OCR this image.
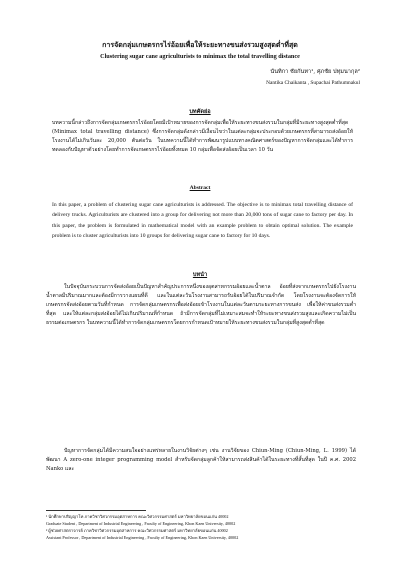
การจัดกลุ่มเกษตรกรไร่อ้อยเพื่อให้ระยะทางขนส่งรวมสูงสุดต่ำที่สุด
Clustering sugar cane agriculturists to minimax the total travelling distance
นันทิกา ชัยกันทา¹, ศุภชัย ปทุมนากุล²
Nantika Chaikanta , Supachai Pathumnakul
บทคัดย่อ
บทความนี้กล่าวถึงการจัดกลุ่มเกษตรกรไร่อ้อยโดยมีเป้าหมายของการจัดกลุ่มเพื่อให้ระยะทางขนส่งรวมในกลุ่มที่มีระยะทางสูงสุดต่ำที่สุด (Minimax total travelling distance) ซึ่งการจัดกลุ่มดังกล่าวมีเงื่อนไขว่าในแต่ละกลุ่มจะประกอบด้วยเกษตรกรที่สามารถส่งอ้อยให้โรงงานได้ไม่เกินวันละ 20,000 ตันต่อวัน ในบทความนี้ได้ทำการพัฒนารูปแบบทางคณิตศาสตร์ของปัญหาการจัดกลุ่มและได้ทำการทดลองกับปัญหาตัวอย่างโดยทำการจัดเกษตรกรไร่อ้อยทั้งหมด 10 กลุ่มเพื่อจัดส่งอ้อยเป็นเวลา 10 วัน
Abstract
In this paper, a problem of clustering sugar cane agriculturists is addressed. The objective is to minimax total travelling distance of delivery trucks. Agriculturists are clustered into a group for delivering not more than 20,000 tons of sugar cane to factory per day. In this paper, the problem is formulated in mathematical model with an example problem to obtain optimal solution. The example problem is to cluster agriculturists into 10 groups for delivering sugar cane to factory for 10 days.
บทนำ
ในปัจจุบันกระบวนการจัดส่งอ้อยเป็นปัญหาสำคัญประการหนึ่งของอุตสาหกรรมอ้อยและน้ำตาล อ้อยที่ส่งจากเกษตรกรไปยังโรงงานน้ำตาลมีปริมาณมากและต้องมีการวางแผนที่ดี และในแต่ละวันโรงงานสามารถรับอ้อยได้ในปริมาณจำกัด โดยโรงงานจะต้องจัดการให้เกษตรกรจัดส่งอ้อยตามวันที่กำหนด การจัดกลุ่มเกษตรกรเพื่อส่งอ้อยเข้าโรงงานในแต่ละวันตามระยะทางการขนส่ง เพื่อให้ค่าขนส่งรวมต่ำที่สุด และให้แต่ละกลุ่มส่งอ้อยได้ไม่เกินปริมาณที่กำหนด ถ้ามีการจัดกลุ่มที่ไม่เหมาะสมจะทำให้ระยะทางขนส่งรวมสูงและเกิดความไม่เป็นธรรมต่อเกษตรกร ในบทความนี้ได้ทำการจัดกลุ่มเกษตรกรโดยการกำหนดเป้าหมายให้ระยะทางขนส่งรวมในกลุ่มที่สูงสุดต่ำที่สุด
ปัญหาการจัดกลุ่มได้มีความสนใจอย่างแพร่หลายในงานวิจัยต่างๆ เช่น งานวิจัยของ Chiun-Ming (Chiun-Ming, L. 1999) ได้พัฒนา A zero-one integer programming model สำหรับจัดกลุ่มลูกค้าให้สามารถส่งสินค้าได้ในระยะทางที่สั้นที่สุด ในปี ค.ศ. 2002 Nanko และ
¹ นักศึกษาปริญญาโท ภาควิชาวิศวกรรมอุตสาหการ คณะวิศวกรรมศาสตร์ มหาวิทยาลัยขอนแก่น 40002
Graduate Student , Department of Industrial Engineering , Faculty of Engineering, Khon Kaen University, 40002
² ผู้ช่วยศาสตราจารย์ ภาควิชาวิศวกรรมอุตสาหการ คณะวิศวกรรมศาสตร์ มหาวิทยาลัยขอนแก่น 40002
Assistant Professor , Department of Industrial Engineering , Faculty of Engineering, Khon Kaen University, 40002
